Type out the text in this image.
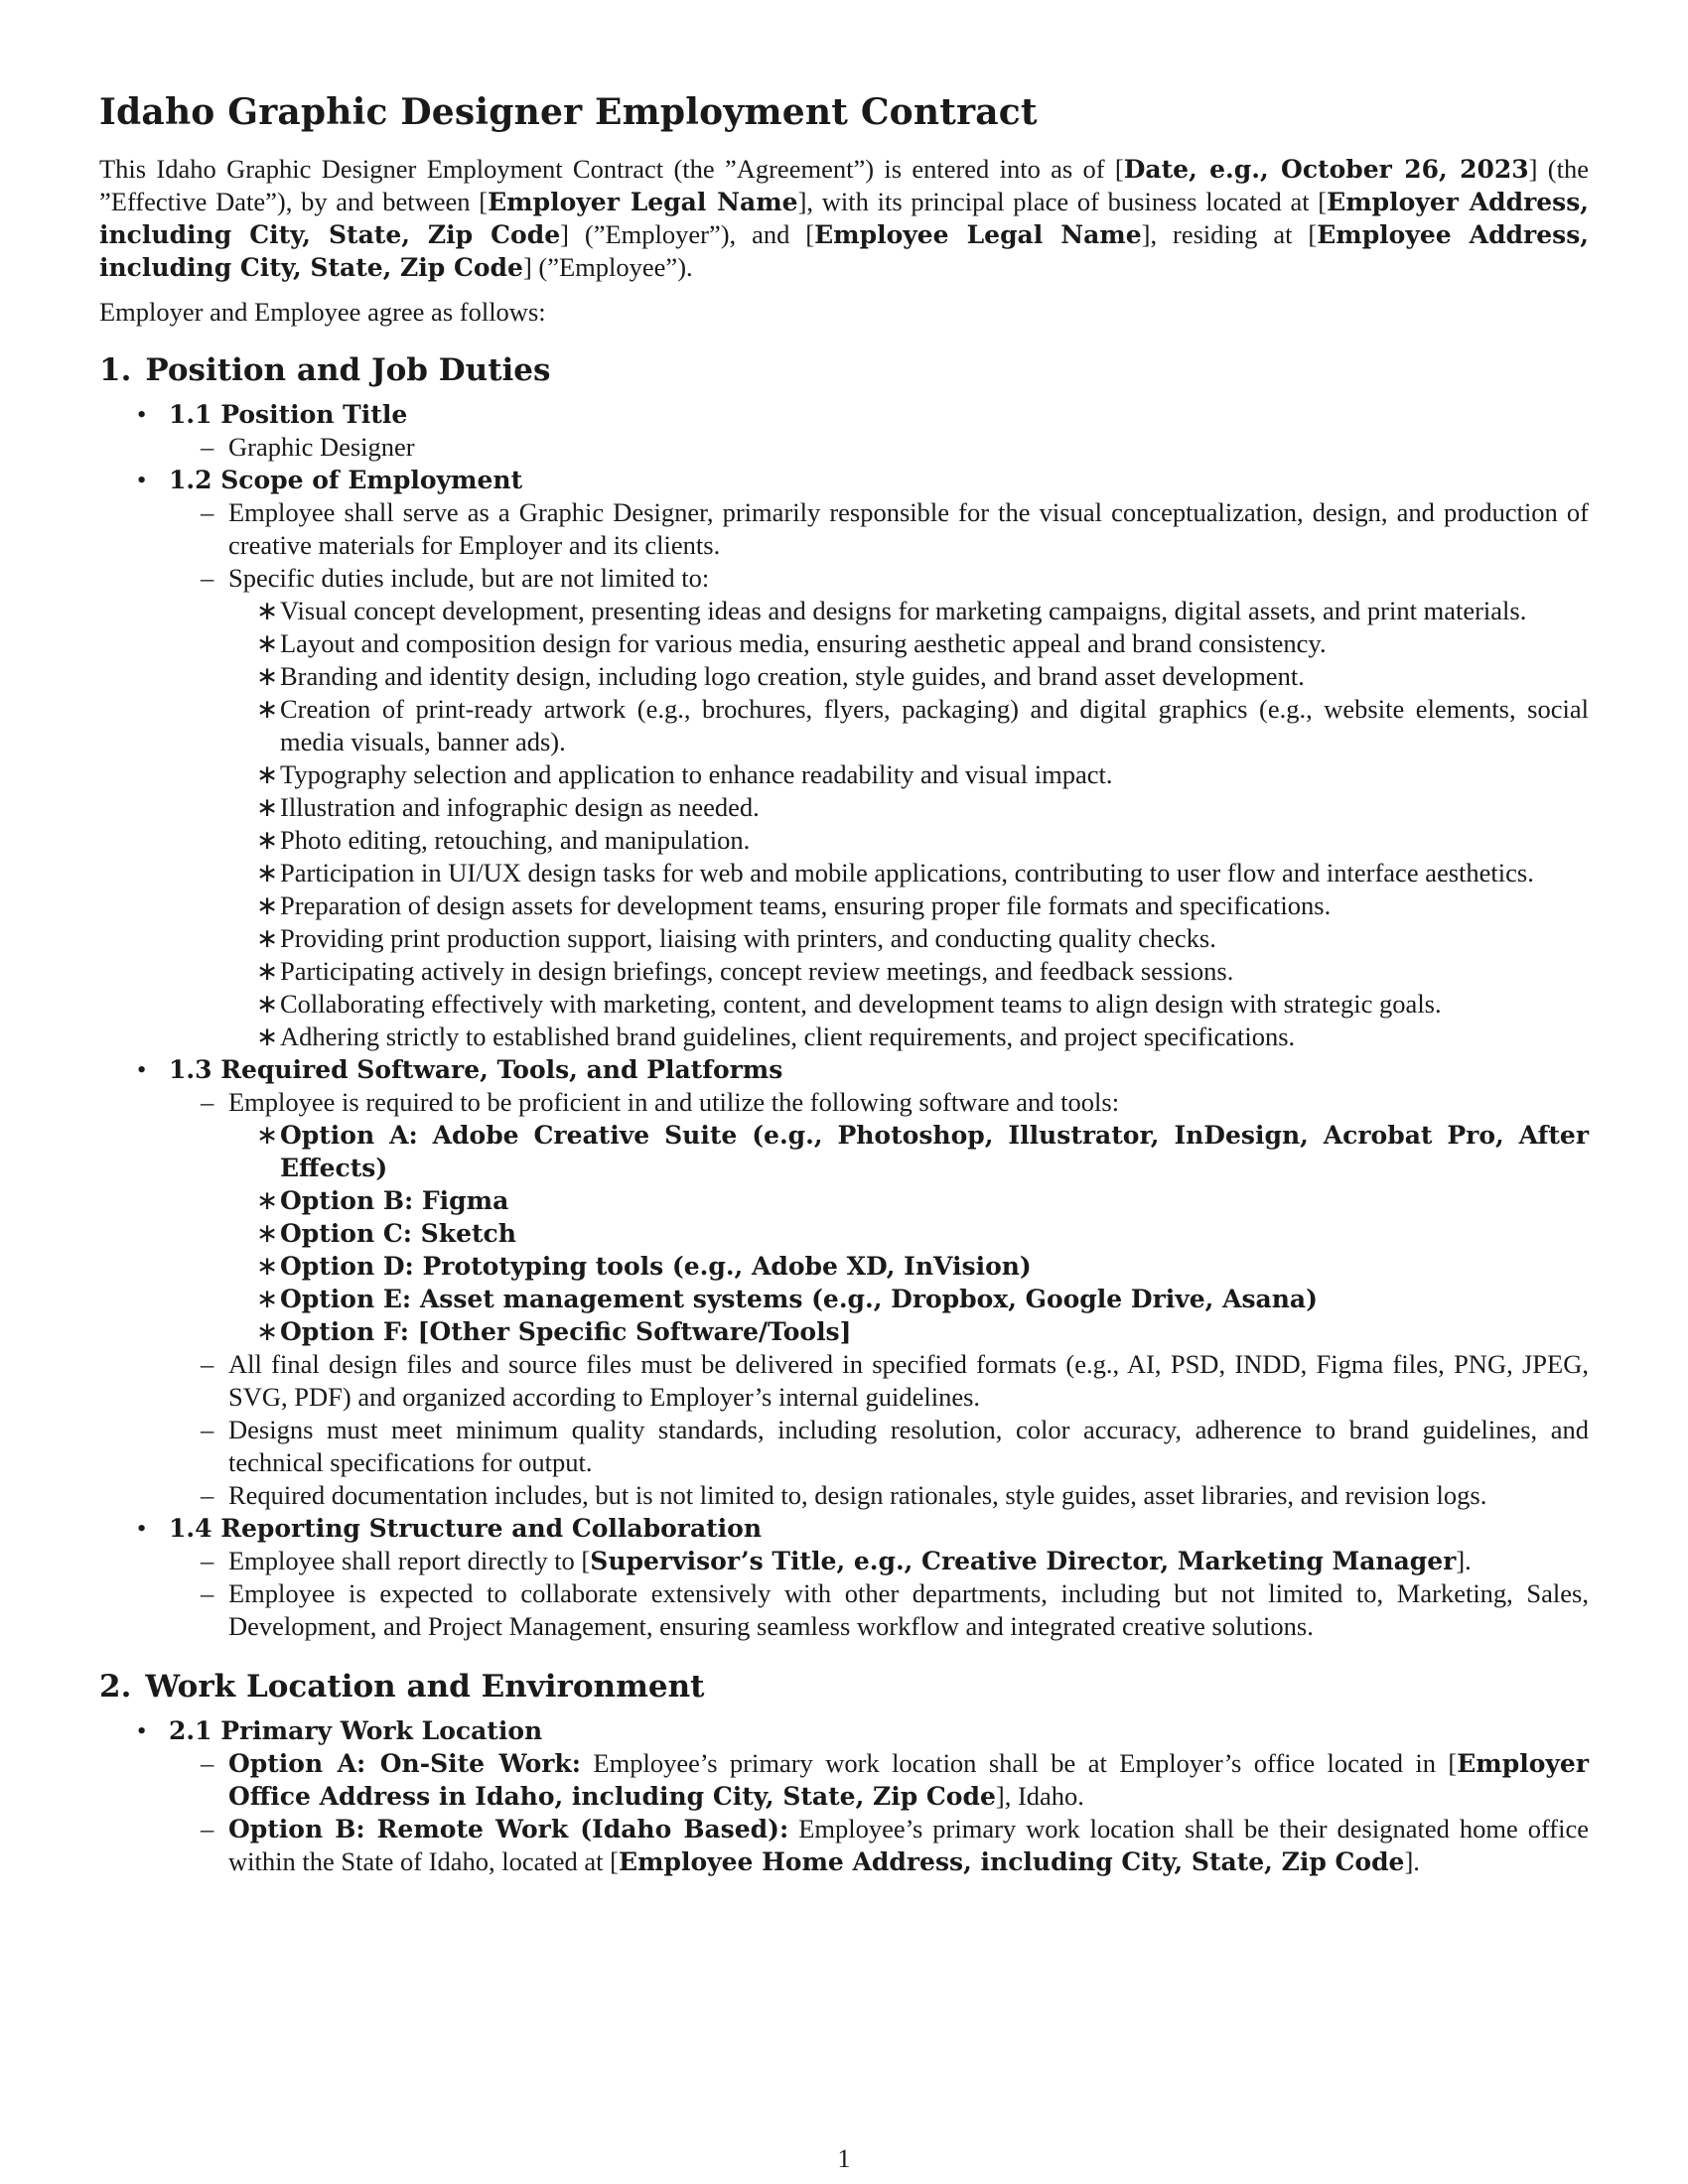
Idaho Graphic Designer Employment Contract

This Idaho Graphic Designer Employment Contract (the ”Agreement”) is entered into as of [Date, e.g., October 26, 2023] (the ”Effective Date”), by and between [Employer Legal Name], with its principal place of business located at [Employer Address, including City, State, Zip Code] (”Employer”), and [Employee Legal Name], residing at [Employee Address, including City, State, Zip Code] (”Employee”).

Employer and Employee agree as follows:

1. Position and Job Duties
• 1.1 Position Title
– Graphic Designer
• 1.2 Scope of Employment
– Employee shall serve as a Graphic Designer, primarily responsible for the visual conceptualization, design, and production of creative materials for Employer and its clients.
– Specific duties include, but are not limited to:
∗ Visual concept development, presenting ideas and designs for marketing campaigns, digital assets, and print materials.
∗ Layout and composition design for various media, ensuring aesthetic appeal and brand consistency.
∗ Branding and identity design, including logo creation, style guides, and brand asset development.
∗ Creation of print-ready artwork (e.g., brochures, flyers, packaging) and digital graphics (e.g., website elements, social media visuals, banner ads).
∗ Typography selection and application to enhance readability and visual impact.
∗ Illustration and infographic design as needed.
∗ Photo editing, retouching, and manipulation.
∗ Participation in UI/UX design tasks for web and mobile applications, contributing to user flow and interface aesthetics.
∗ Preparation of design assets for development teams, ensuring proper file formats and specifications.
∗ Providing print production support, liaising with printers, and conducting quality checks.
∗ Participating actively in design briefings, concept review meetings, and feedback sessions.
∗ Collaborating effectively with marketing, content, and development teams to align design with strategic goals.
∗ Adhering strictly to established brand guidelines, client requirements, and project specifications.
• 1.3 Required Software, Tools, and Platforms
– Employee is required to be proficient in and utilize the following software and tools:
∗ Option A: Adobe Creative Suite (e.g., Photoshop, Illustrator, InDesign, Acrobat Pro, After Effects)
∗ Option B: Figma
∗ Option C: Sketch
∗ Option D: Prototyping tools (e.g., Adobe XD, InVision)
∗ Option E: Asset management systems (e.g., Dropbox, Google Drive, Asana)
∗ Option F: [Other Specific Software/Tools]
– All final design files and source files must be delivered in specified formats (e.g., AI, PSD, INDD, Figma files, PNG, JPEG, SVG, PDF) and organized according to Employer’s internal guidelines.
– Designs must meet minimum quality standards, including resolution, color accuracy, adherence to brand guidelines, and technical specifications for output.
– Required documentation includes, but is not limited to, design rationales, style guides, asset libraries, and revision logs.
• 1.4 Reporting Structure and Collaboration
– Employee shall report directly to [Supervisor’s Title, e.g., Creative Director, Marketing Manager].
– Employee is expected to collaborate extensively with other departments, including but not limited to, Marketing, Sales, Development, and Project Management, ensuring seamless workflow and integrated creative solutions.
2. Work Location and Environment
• 2.1 Primary Work Location
– Option A: On-Site Work: Employee’s primary work location shall be at Employer’s office located in [Employer Office Address in Idaho, including City, State, Zip Code], Idaho.
– Option B: Remote Work (Idaho Based): Employee’s primary work location shall be their designated home office within the State of Idaho, located at [Employee Home Address, including City, State, Zip Code].
1
